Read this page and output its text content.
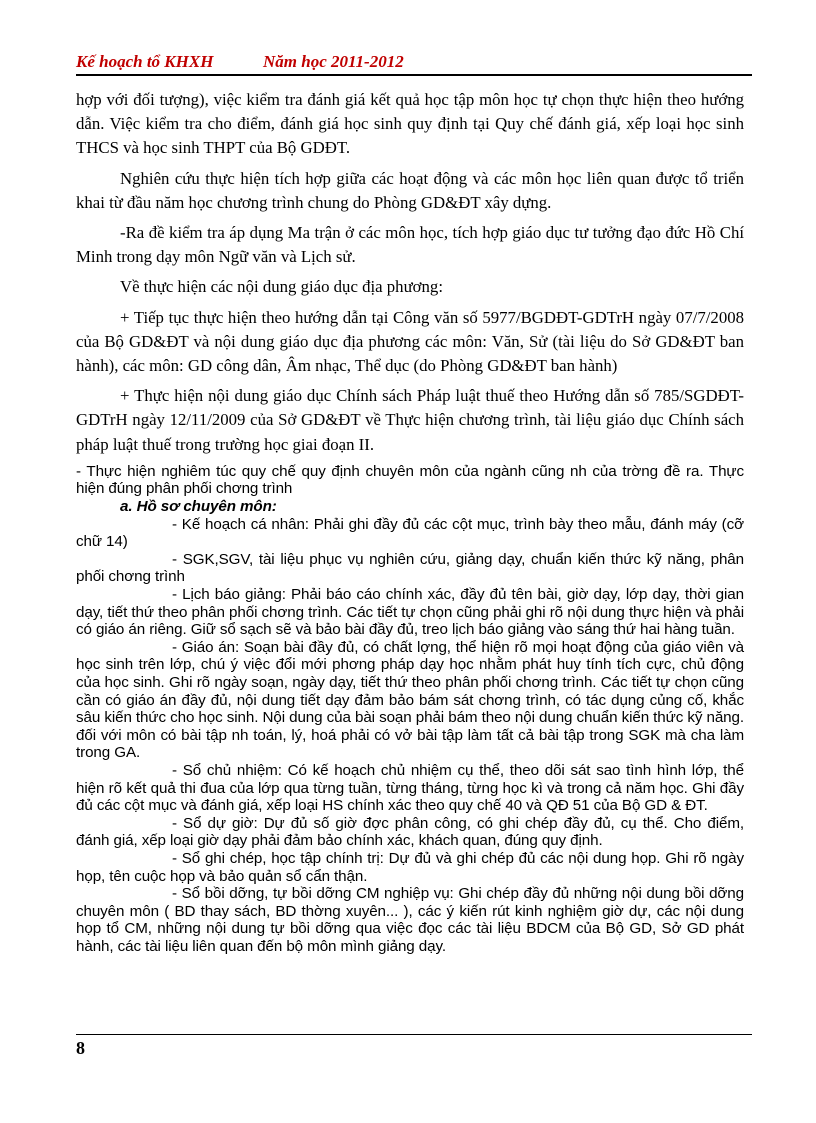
Kế hoạch tổ KHXH	Năm học 2011-2012

hợp với đối tượng), việc kiểm tra đánh giá kết quả học tập môn học tự chọn thực hiện theo hướng dẫn. Việc kiểm tra cho điểm, đánh giá học sinh quy định tại Quy chế đánh giá, xếp loại học sinh THCS và học sinh THPT của Bộ GDĐT.

Nghiên cứu thực hiện tích hợp giữa các hoạt động và các môn học liên quan được tổ triển khai từ đầu năm học chương trình chung do Phòng GD&ĐT xây dựng.

-Ra đề kiểm tra áp dụng Ma trận ở các môn học, tích hợp giáo dục tư tưởng đạo đức Hồ Chí Minh trong dạy môn Ngữ văn và Lịch sử.

Về thực hiện các nội dung giáo dục địa phương:

+ Tiếp tục thực hiện theo hướng dẫn tại Công văn số 5977/BGDĐT-GDTrH ngày 07/7/2008 của Bộ GD&ĐT và nội dung giáo dục địa phương các môn: Văn, Sử (tài liệu do Sở GD&ĐT ban hành), các môn: GD công dân, Âm nhạc, Thể dục (do Phòng GD&ĐT ban hành)

+ Thực hiện nội dung giáo dục Chính sách Pháp luật thuế theo Hướng dẫn số 785/SGDĐT-GDTrH ngày 12/11/2009 của Sở GD&ĐT về Thực hiện chương trình, tài liệu giáo dục Chính sách pháp luật thuế trong trường học giai đoạn II.

- Thực hiện nghiêm túc quy chế quy định chuyên môn của ngành cũng nh của trờng đề ra. Thực hiện đúng phân phối chơng trình

a. Hồ sơ chuyên môn:

- Kế hoạch cá nhân: Phải ghi đầy đủ các cột mục, trình bày theo mẫu, đánh máy (cỡ chữ 14)

- SGK,SGV, tài liệu phục vụ nghiên cứu, giảng dạy, chuẩn kiến thức kỹ năng, phân phối chơng trình

- Lịch báo giảng: Phải báo cáo chính xác, đầy đủ tên bài, giờ dạy, lớp dạy, thời gian dạy, tiết thứ theo phân phối chơng trình. Các tiết tự chọn cũng phải ghi rõ nội dung thực hiện và phải có giáo án riêng. Giữ sổ sạch sẽ và bảo bài đầy đủ, treo lịch báo giảng vào sáng thứ hai hàng tuần.

- Giáo án: Soạn bài đầy đủ, có chất lợng, thể hiện rõ mọi hoạt động của giáo viên và học sinh trên lớp, chú ý việc đổi mới phơng pháp dạy học nhằm phát huy tính tích cực, chủ động của học sinh. Ghi rõ ngày soạn, ngày dạy, tiết thứ theo phân phối chơng trình. Các tiết tự chọn cũng cần có giáo án đầy đủ, nội dung tiết dạy đảm bảo bám sát chơng trình, có tác dụng củng cố, khắc sâu kiến thức cho học sinh. Nội dung của bài soạn phải bám theo nội dung chuẩn kiến thức kỹ năng. đối với môn có bài tập nh toán, lý, hoá phải có vở bài tập làm tất cả bài tập trong SGK mà cha làm trong GA.

- Sổ chủ nhiệm: Có kế hoạch chủ nhiệm cụ thể, theo dõi sát sao tình hình lớp, thể hiện rõ kết quả thi đua của lớp qua từng tuần, từng tháng, từng học kì và trong cả năm học. Ghi đầy đủ các cột mục và đánh giá, xếp loại HS chính xác theo quy chế 40 và QĐ 51 của Bộ GD & ĐT.

- Sổ dự giờ: Dự đủ số giờ đợc phân công, có ghi chép đầy đủ, cụ thể. Cho điểm, đánh giá, xếp loại giờ dạy phải đảm bảo chính xác, khách quan, đúng quy định.

- Sổ ghi chép, học tập chính trị: Dự đủ và ghi chép đủ các nội dung họp. Ghi rõ ngày họp, tên cuộc họp và bảo quản sổ cẩn thận.

- Sổ bồi dỡng, tự bồi dỡng CM nghiệp vụ: Ghi chép đầy đủ những nội dung bồi dỡng chuyên môn ( BD thay sách, BD thờng xuyên... ), các ý kiến rút kinh nghiệm giờ dự, các nội dung họp tổ CM, những nội dung tự bồi dỡng qua việc đọc các tài liệu BDCM của Bộ GD, Sở GD phát hành, các tài liệu liên quan đến bộ môn mình giảng dạy.

8
